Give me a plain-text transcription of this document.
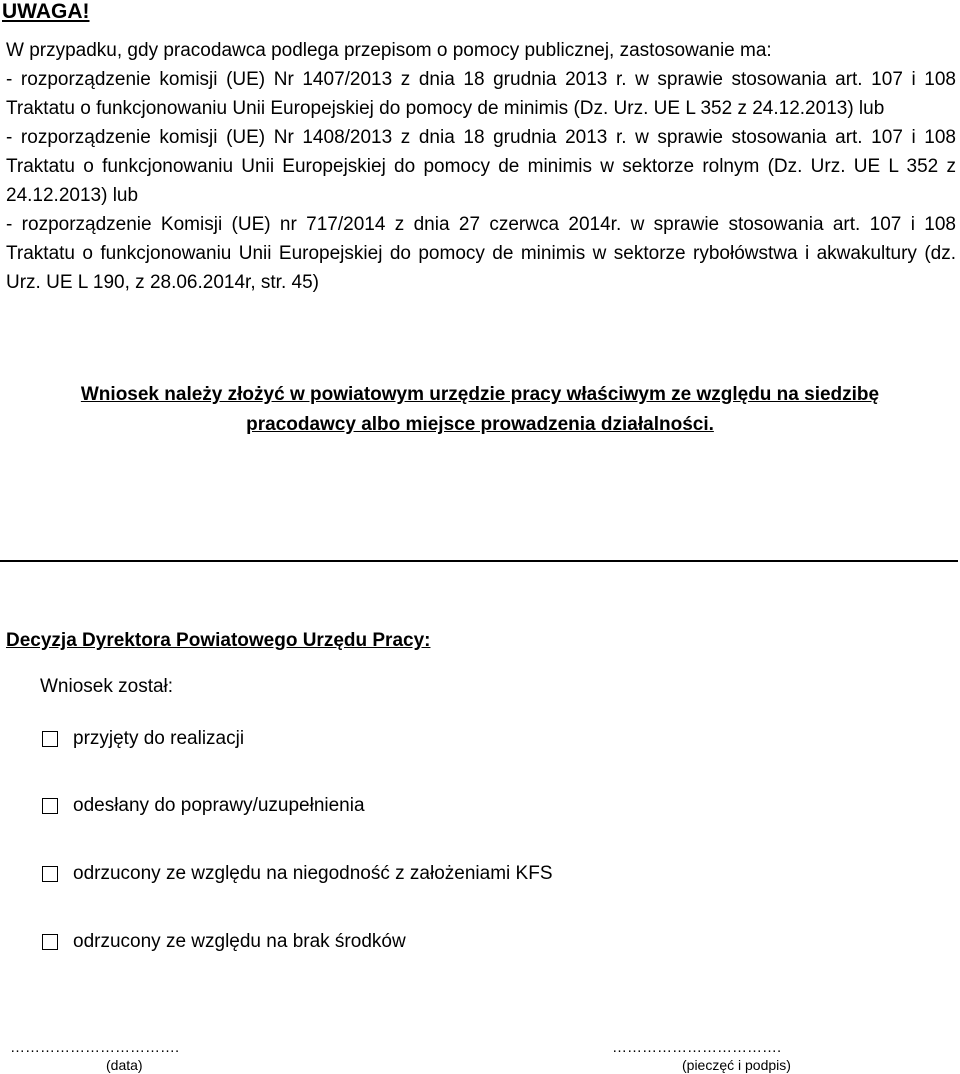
UWAGA!

W przypadku, gdy pracodawca podlega przepisom o pomocy publicznej, zastosowanie ma:

- rozporządzenie komisji (UE) Nr 1407/2013 z dnia 18 grudnia 2013 r. w sprawie stosowania art. 107 i 108 Traktatu o funkcjonowaniu Unii Europejskiej do pomocy de minimis (Dz. Urz. UE L 352 z 24.12.2013) lub

- rozporządzenie komisji (UE) Nr 1408/2013 z dnia 18 grudnia 2013 r. w sprawie stosowania art. 107 i 108 Traktatu o funkcjonowaniu Unii Europejskiej do pomocy de minimis w sektorze rolnym (Dz. Urz. UE L 352 z 24.12.2013) lub

- rozporządzenie Komisji (UE) nr 717/2014 z dnia 27 czerwca 2014r. w sprawie stosowania art. 107 i 108 Traktatu o funkcjonowaniu Unii Europejskiej do pomocy de minimis w sektorze rybołówstwa i akwakultury (dz. Urz. UE L 190, z 28.06.2014r, str. 45)

Wniosek należy złożyć w powiatowym urzędzie pracy właściwym ze względu na siedzibę
pracodawcy albo miejsce prowadzenia działalności.
Decyzja Dyrektora Powiatowego Urzędu Pracy:
Wniosek został:
przyjęty do realizacji
odesłany do poprawy/uzupełnienia
odrzucony ze względu na niegodność z założeniami KFS
odrzucony ze względu na brak środków
…………………………….
(data)
…………………………….
(pieczęć i podpis)
